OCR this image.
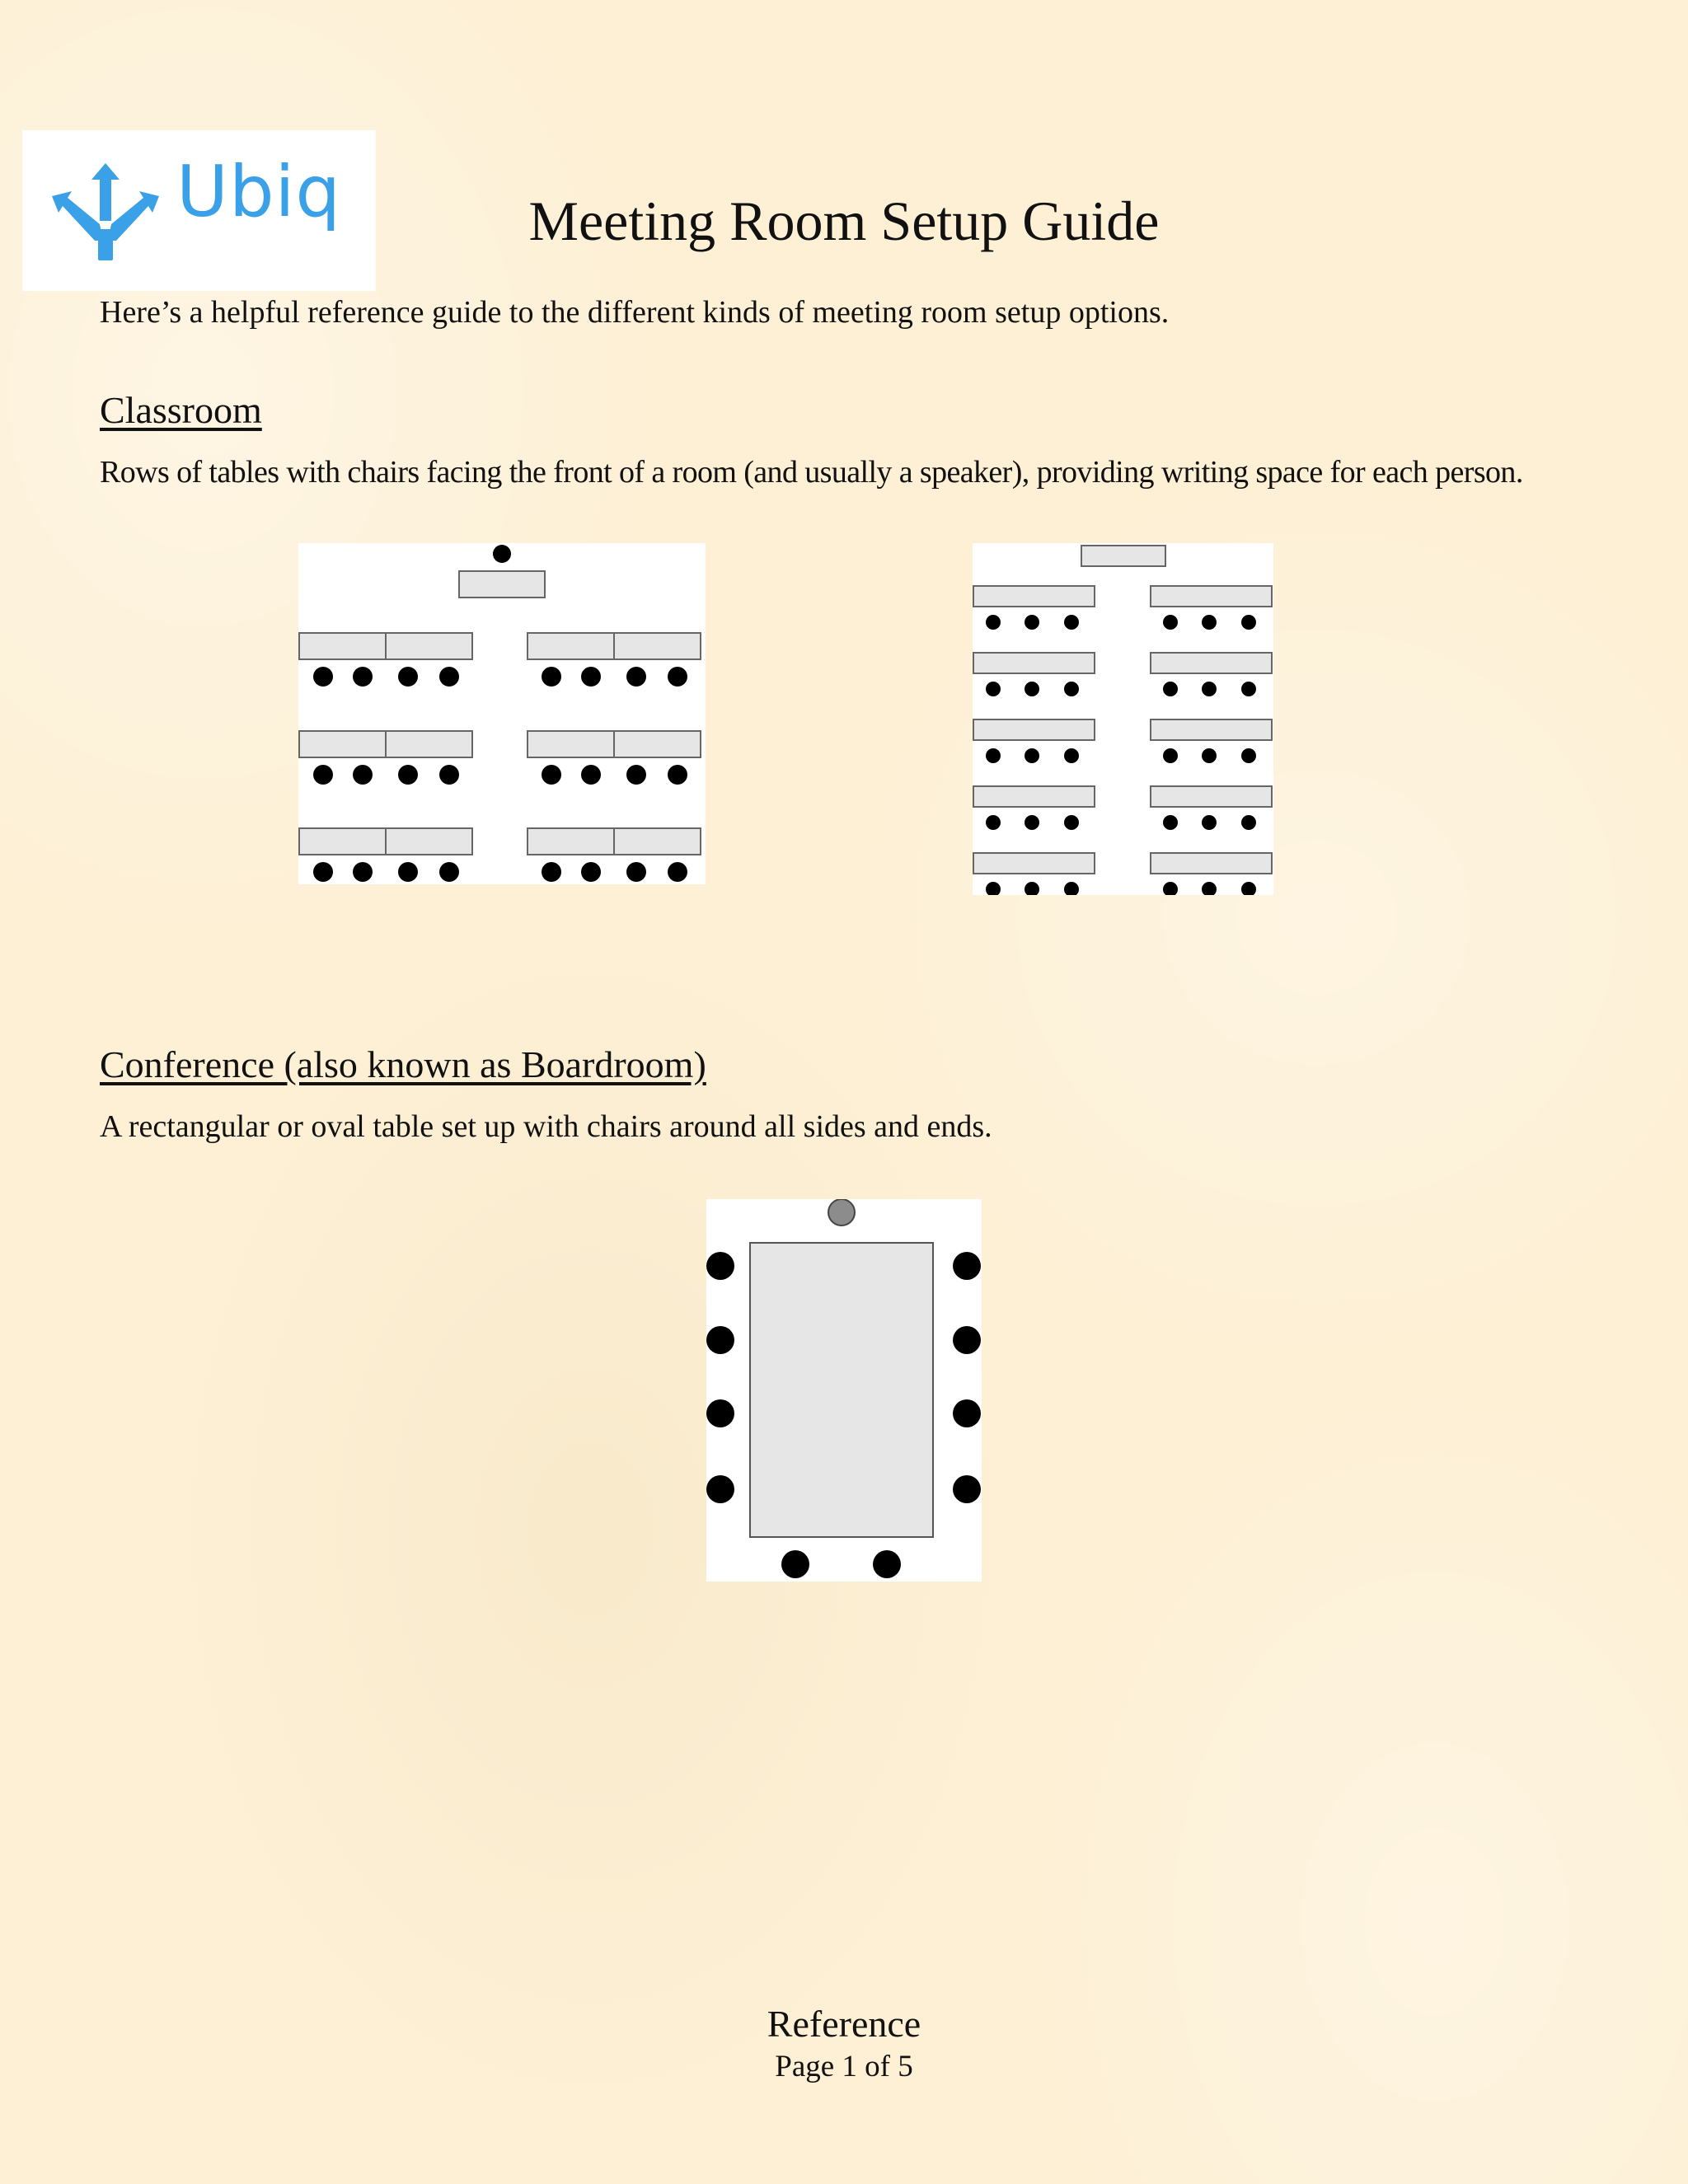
Ubiq	Meeting Room Setup Guide
Here’s a helpful reference guide to the different kinds of meeting room setup options.
Classroom
Rows of tables with chairs facing the front of a room (and usually a speaker), providing writing space for each person.
Conference (also known as Boardroom)
A rectangular or oval table set up with chairs around all sides and ends.
Reference
Page 1 of 5
